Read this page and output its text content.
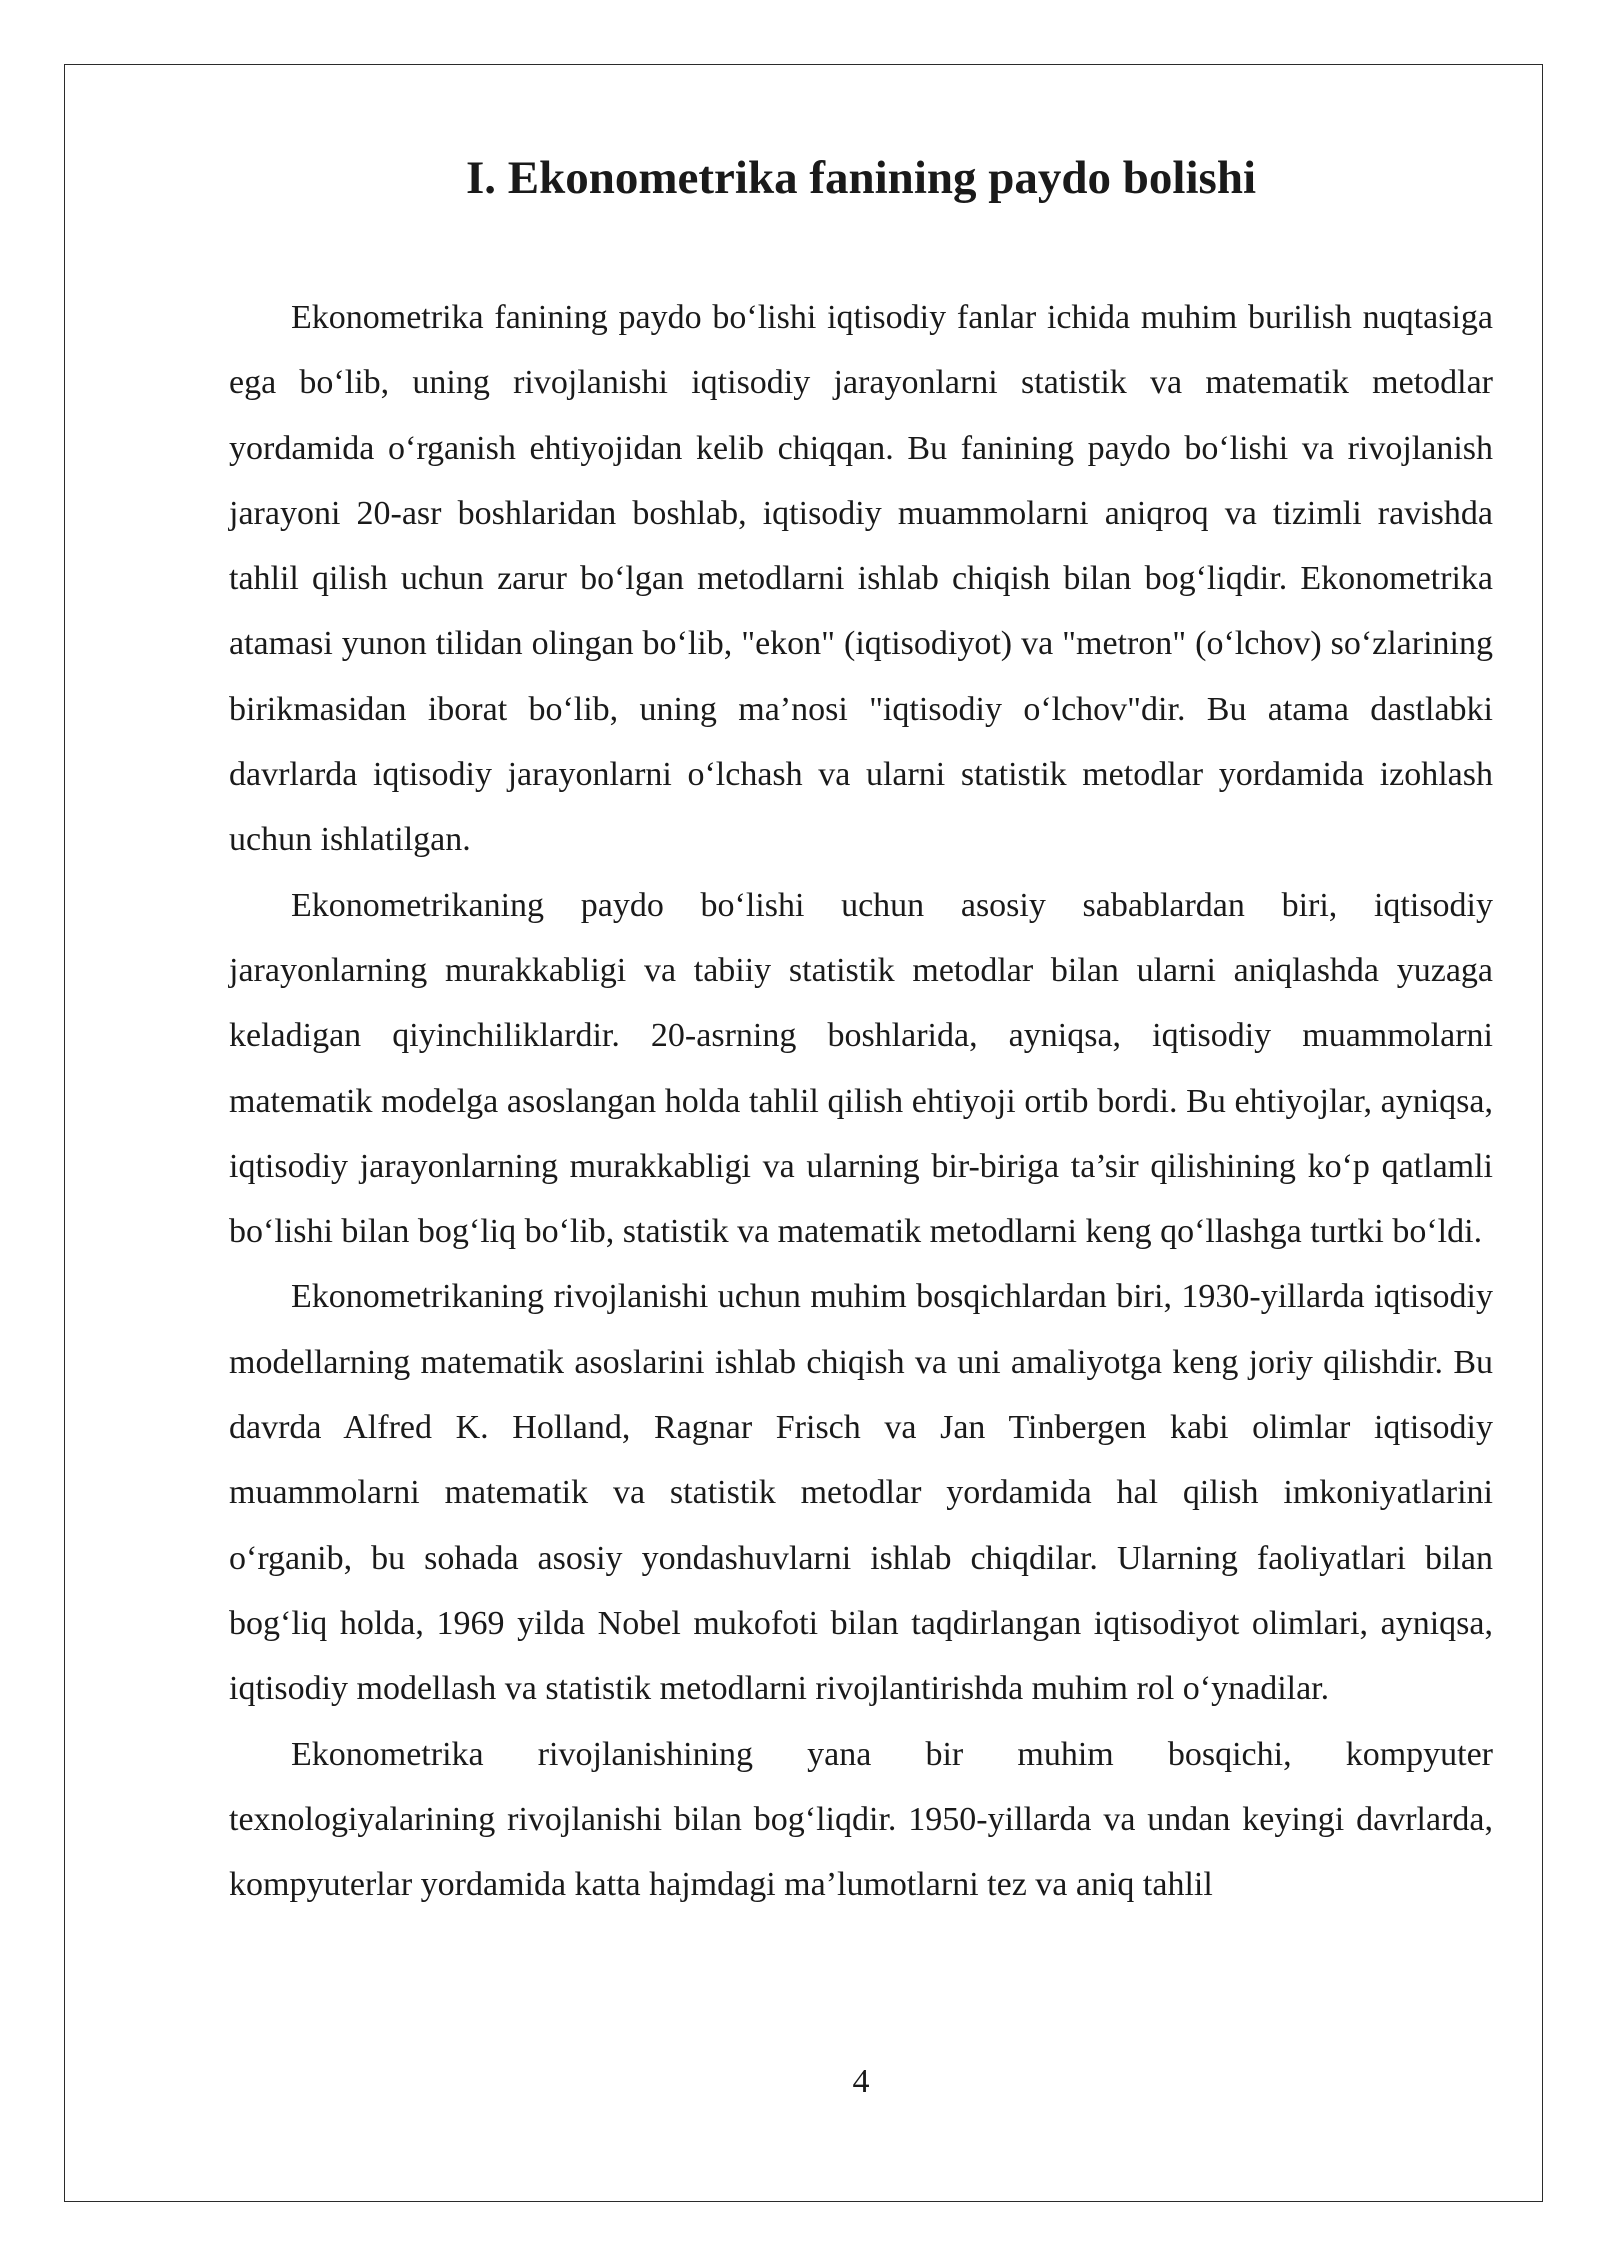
I. Ekonometrika fanining paydo bolishi

Ekonometrika fanining paydo bo‘lishi iqtisodiy fanlar ichida muhim burilish nuqtasiga ega bo‘lib, uning rivojlanishi iqtisodiy jarayonlarni statistik va matematik metodlar yordamida o‘rganish ehtiyojidan kelib chiqqan. Bu fanining paydo bo‘lishi va rivojlanish jarayoni 20-asr boshlaridan boshlab, iqtisodiy muammolarni aniqroq va tizimli ravishda tahlil qilish uchun zarur bo‘lgan metodlarni ishlab chiqish bilan bog‘liqdir. Ekonometrika atamasi yunon tilidan olingan bo‘lib, "ekon" (iqtisodiyot) va "metron" (o‘lchov) so‘zlarining birikmasidan iborat bo‘lib, uning ma’nosi "iqtisodiy o‘lchov"dir. Bu atama dastlabki davrlarda iqtisodiy jarayonlarni o‘lchash va ularni statistik metodlar yordamida izohlash uchun ishlatilgan.

Ekonometrikaning paydo bo‘lishi uchun asosiy sabablardan biri, iqtisodiy jarayonlarning murakkabligi va tabiiy statistik metodlar bilan ularni aniqlashda yuzaga keladigan qiyinchiliklardir. 20-asrning boshlarida, ayniqsa, iqtisodiy muammolarni matematik modelga asoslangan holda tahlil qilish ehtiyoji ortib bordi. Bu ehtiyojlar, ayniqsa, iqtisodiy jarayonlarning murakkabligi va ularning bir-biriga ta’sir qilishining ko‘p qatlamli bo‘lishi bilan bog‘liq bo‘lib, statistik va matematik metodlarni keng qo‘llashga turtki bo‘ldi.

Ekonometrikaning rivojlanishi uchun muhim bosqichlardan biri, 1930-yillarda iqtisodiy modellarning matematik asoslarini ishlab chiqish va uni amaliyotga keng joriy qilishdir. Bu davrda Alfred K. Holland, Ragnar Frisch va Jan Tinbergen kabi olimlar iqtisodiy muammolarni matematik va statistik metodlar yordamida hal qilish imkoniyatlarini o‘rganib, bu sohada asosiy yondashuvlarni ishlab chiqdilar. Ularning faoliyatlari bilan bog‘liq holda, 1969 yilda Nobel mukofoti bilan taqdirlangan iqtisodiyot olimlari, ayniqsa, iqtisodiy modellash va statistik metodlarni rivojlantirishda muhim rol o‘ynadilar.

Ekonometrika rivojlanishining yana bir muhim bosqichi, kompyuter texnologiyalarining rivojlanishi bilan bog‘liqdir. 1950-yillarda va undan keyingi davrlarda, kompyuterlar yordamida katta hajmdagi ma’lumotlarni tez va aniq tahlil

4
